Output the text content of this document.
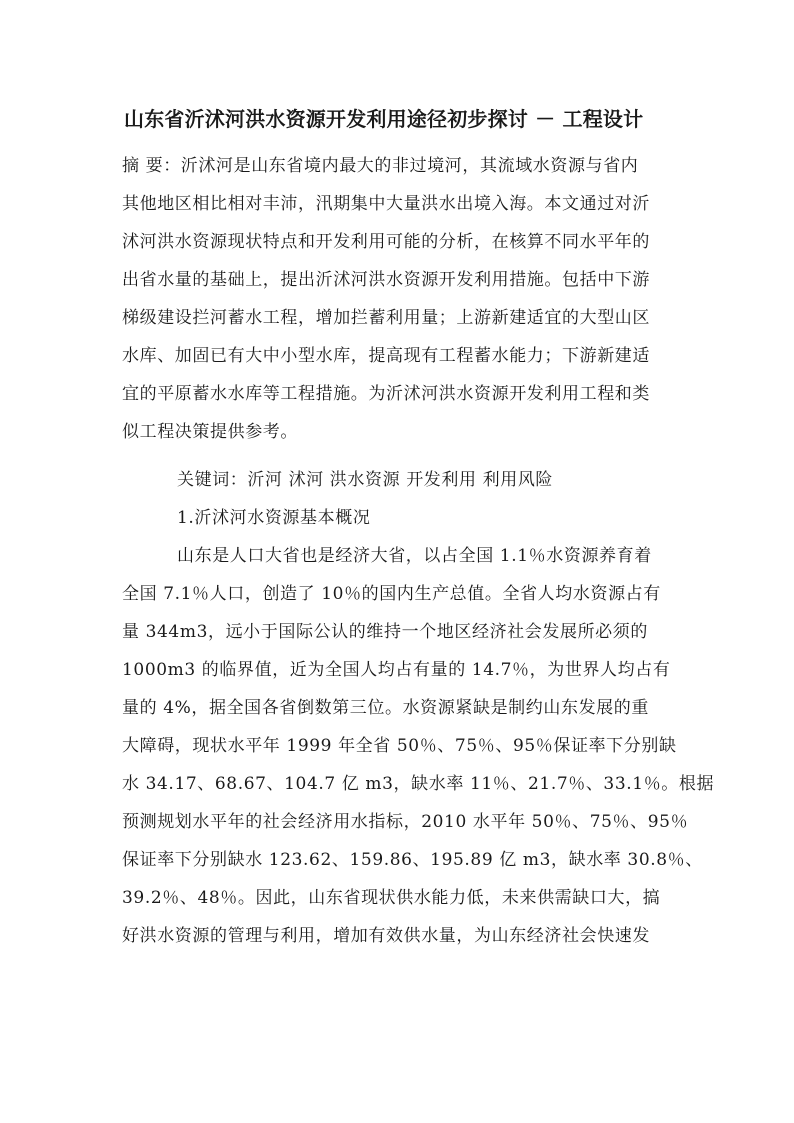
山东省沂沭河洪水资源开发利用途径初步探讨 － 工程设计
摘 要：沂沭河是山东省境内最大的非过境河，其流域水资源与省内
其他地区相比相对丰沛，汛期集中大量洪水出境入海。本文通过对沂
沭河洪水资源现状特点和开发利用可能的分析，在核算不同水平年的
出省水量的基础上，提出沂沭河洪水资源开发利用措施。包括中下游
梯级建设拦河蓄水工程，增加拦蓄利用量；上游新建适宜的大型山区
水库、加固已有大中小型水库，提高现有工程蓄水能力；下游新建适
宜的平原蓄水水库等工程措施。为沂沭河洪水资源开发利用工程和类
似工程决策提供参考。
关键词：沂河 沭河 洪水资源 开发利用 利用风险
1.沂沭河水资源基本概况
山东是人口大省也是经济大省，以占全国 1.1％水资源养育着
全国 7.1％人口，创造了 10％的国内生产总值。全省人均水资源占有
量 344m3，远小于国际公认的维持一个地区经济社会发展所必须的
1000m3 的临界值，近为全国人均占有量的 14.7％，为世界人均占有
量的 4%，据全国各省倒数第三位。水资源紧缺是制约山东发展的重
大障碍，现状水平年 1999 年全省 50％、75％、95％保证率下分别缺
水 34.17、68.67、104.7 亿 m3，缺水率 11％、21.7％、33.1％。根据
预测规划水平年的社会经济用水指标，2010 水平年 50％、75％、95％
保证率下分别缺水 123.62、159.86、195.89 亿 m3，缺水率 30.8％、
39.2％、48％。因此，山东省现状供水能力低，未来供需缺口大，搞
好洪水资源的管理与利用，增加有效供水量，为山东经济社会快速发
